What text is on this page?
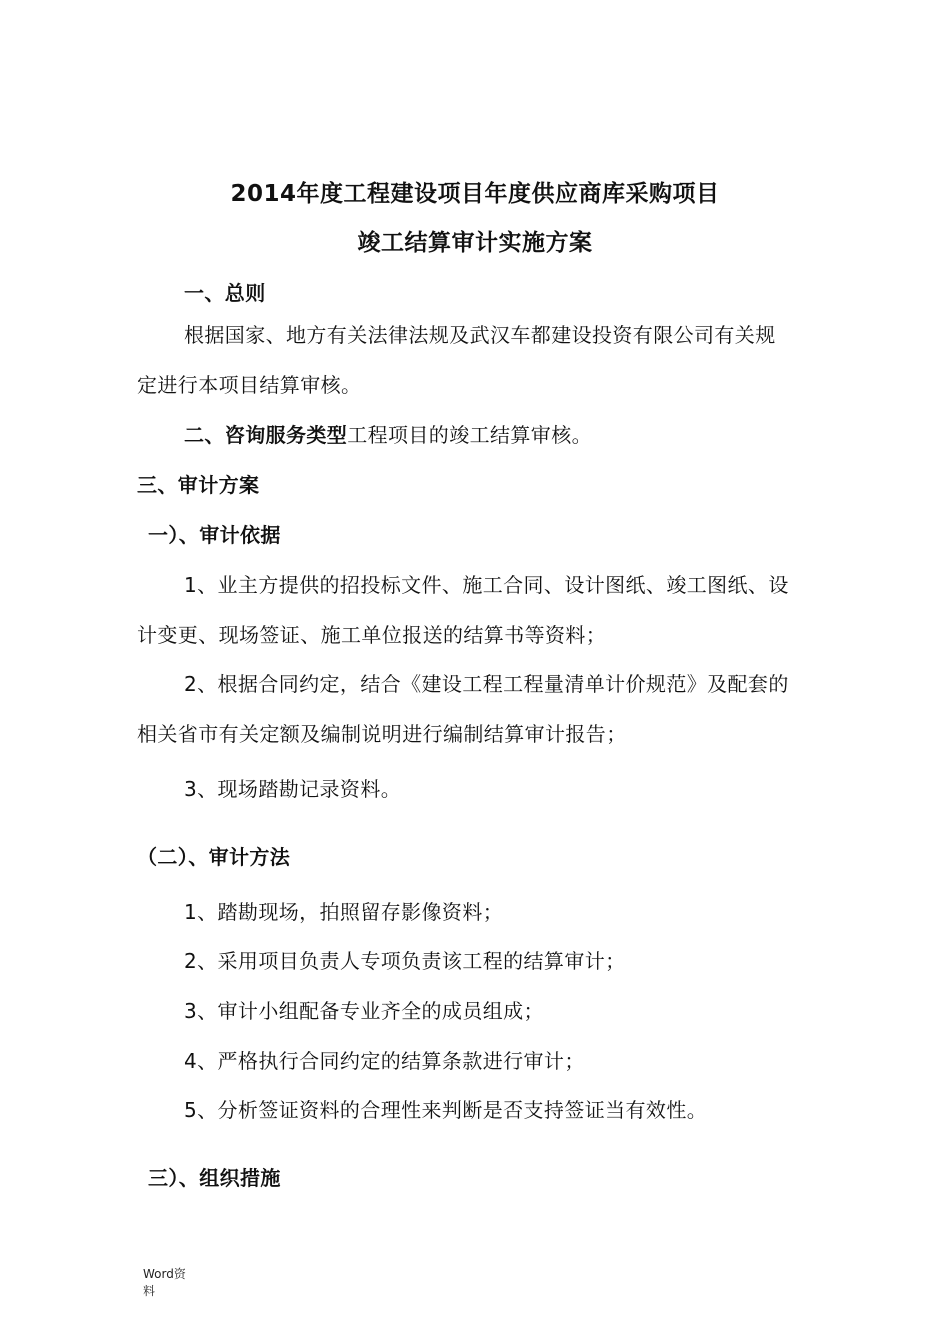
2014年度工程建设项目年度供应商库采购项目
竣工结算审计实施方案
一、总则
根据国家、地方有关法律法规及武汉车都建设投资有限公司有关规
定进行本项目结算审核。
二、咨询服务类型工程项目的竣工结算审核。
三、审计方案
一）、审计依据
1、业主方提供的招投标文件、施工合同、设计图纸、竣工图纸、设
计变更、现场签证、施工单位报送的结算书等资料；
2、根据合同约定，结合《建设工程工程量清单计价规范》及配套的
相关省市有关定额及编制说明进行编制结算审计报告；
3、现场踏勘记录资料。
（二）、审计方法
1、踏勘现场，拍照留存影像资料；
2、采用项目负责人专项负责该工程的结算审计；
3、审计小组配备专业齐全的成员组成；
4、严格执行合同约定的结算条款进行审计；
5、分析签证资料的合理性来判断是否支持签证当有效性。
三）、组织措施
Word资
料
